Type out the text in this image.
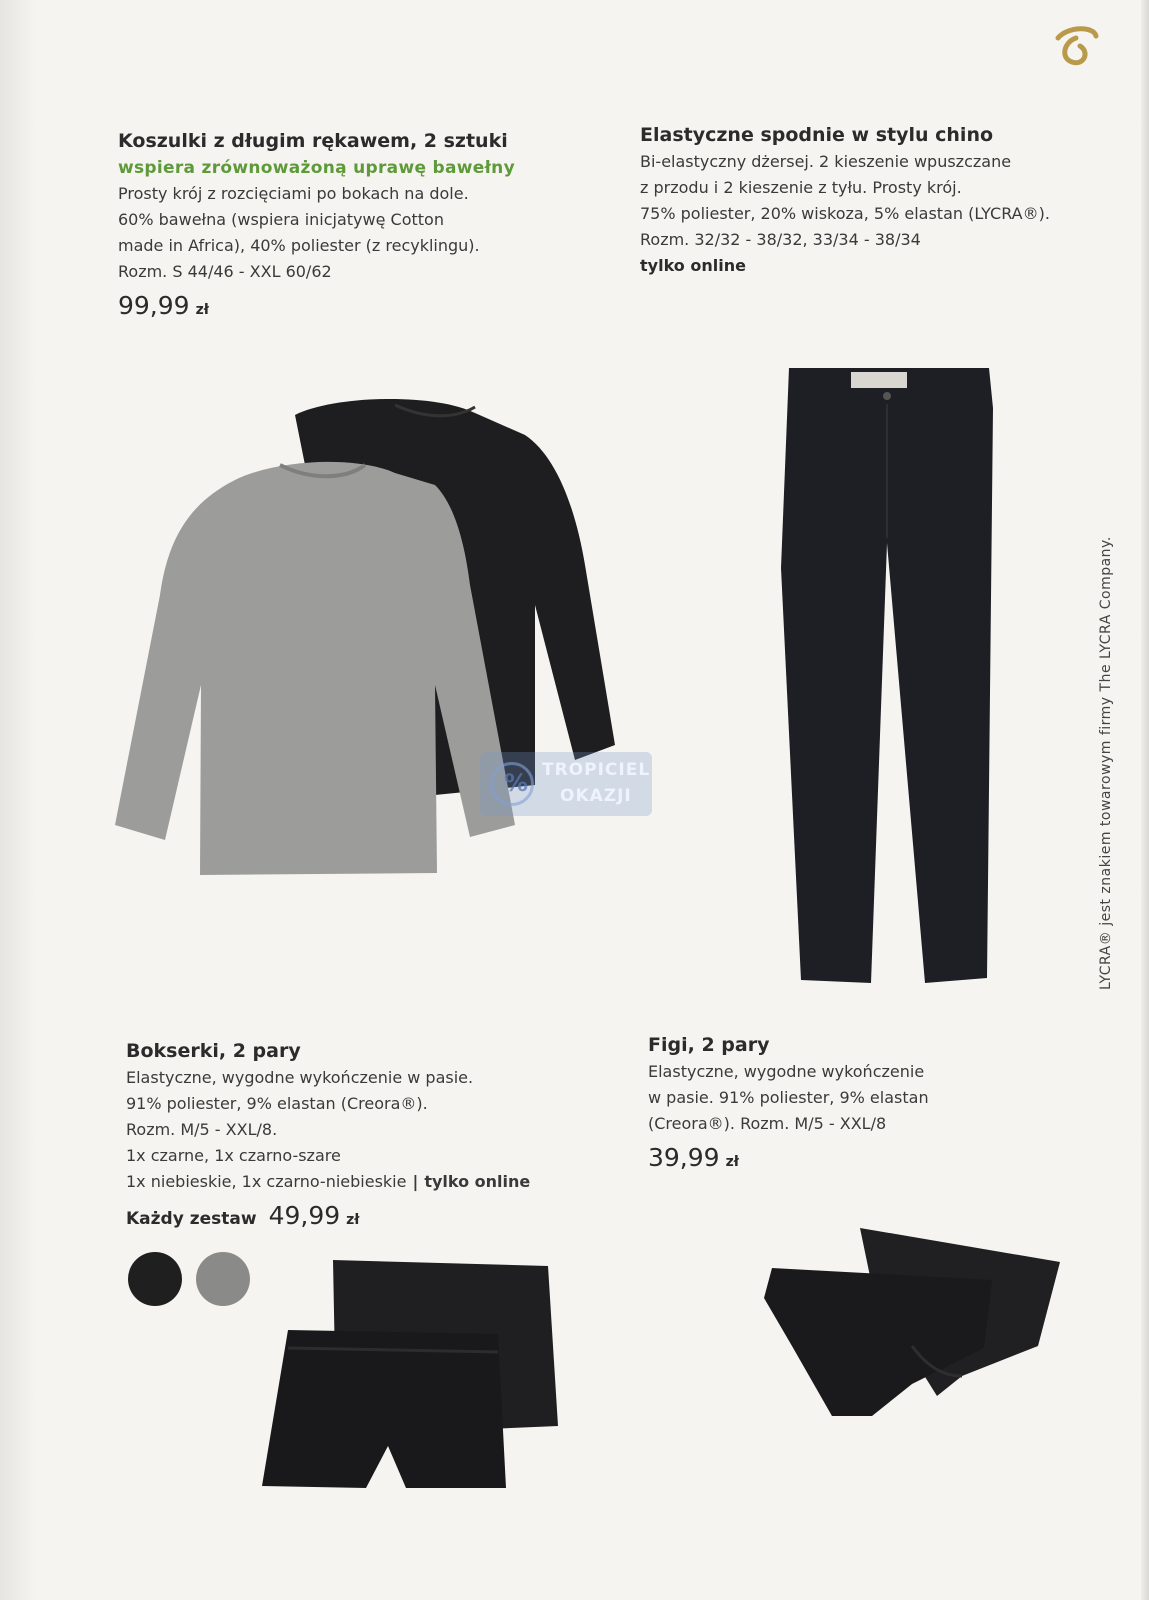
Koszulki z długim rękawem, 2 sztuki
wspiera zrównoważoną uprawę bawełny
Prosty krój z rozcięciami po bokach na dole.
60% bawełna (wspiera inicjatywę Cotton
made in Africa), 40% poliester (z recyklingu).
Rozm. S 44/46 - XXL 60/62
99,99 zł
Elastyczne spodnie w stylu chino
Bi-elastyczny dżersej. 2 kieszenie wpuszczane
z przodu i 2 kieszenie z tyłu. Prosty krój.
75% poliester, 20% wiskoza, 5% elastan (LYCRA®).
Rozm. 32/32 - 38/32, 33/34 - 38/34
tylko online
Bokserki, 2 pary
Elastyczne, wygodne wykończenie w pasie.
91% poliester, 9% elastan (Creora®).
Rozm. M/5 - XXL/8.
1x czarne, 1x czarno-szare
1x niebieskie, 1x czarno-niebieskie | tylko online
Każdy zestaw 49,99 zł
Figi, 2 pary
Elastyczne, wygodne wykończenie
w pasie. 91% poliester, 9% elastan
(Creora®). Rozm. M/5 - XXL/8
39,99 zł
% TROPICIEL
OKAZJI	LYCRA® jest znakiem towarowym firmy The LYCRA Company.
